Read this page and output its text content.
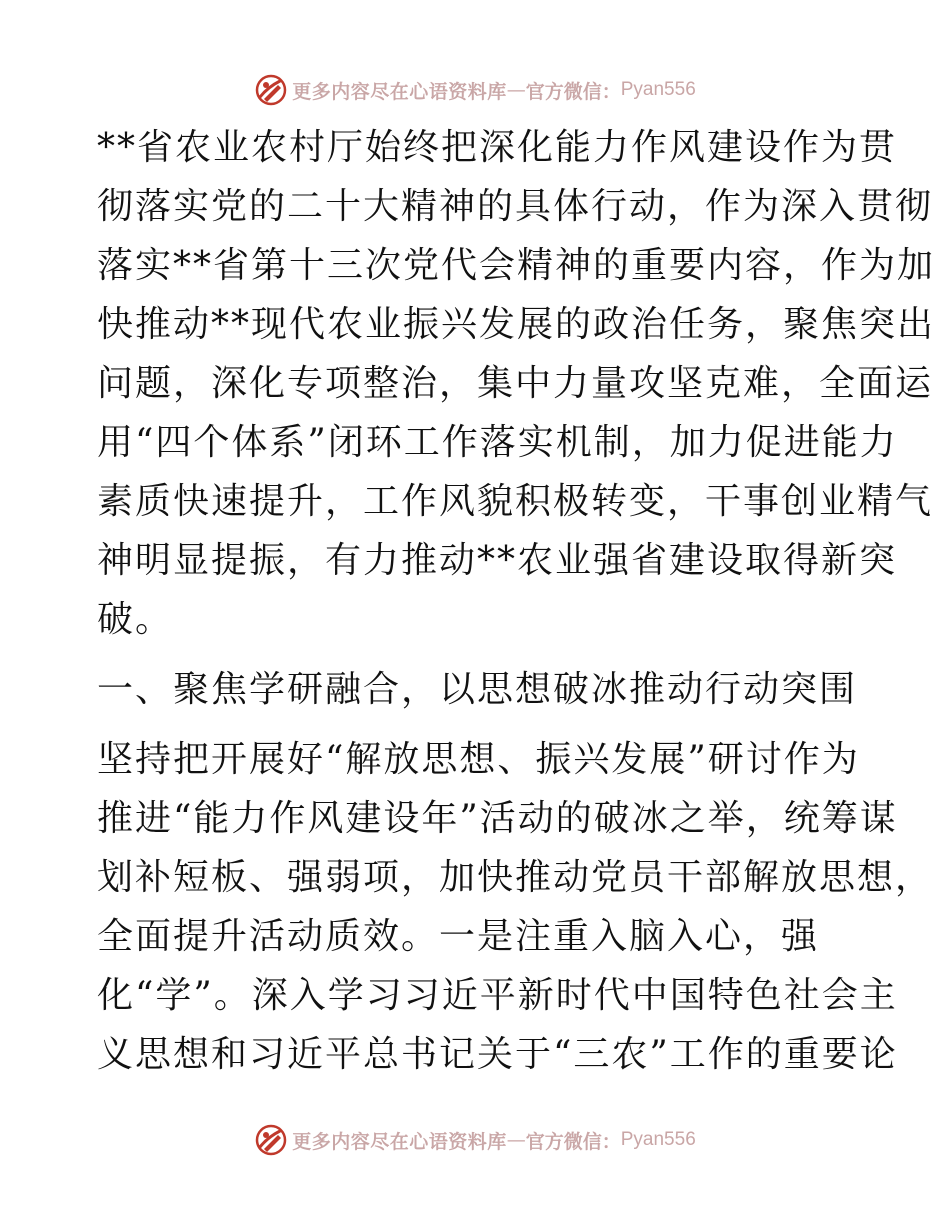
更多内容尽在心语资料库 — 官方微信： Pyan556
**省农业农村厅始终把深化能力作风建设作为贯
彻落实党的二十大精神的具体行动，作为深入贯彻
落实**省第十三次党代会精神的重要内容，作为加
快推动**现代农业振兴发展的政治任务，聚焦突出
问题，深化专项整治，集中力量攻坚克难，全面运
用“四个体系”闭环工作落实机制，加力促进能力
素质快速提升，工作风貌积极转变，干事创业精气
神明显提振，有力推动**农业强省建设取得新突
破。
一、聚焦学研融合，以思想破冰推动行动突围
坚持把开展好“解放思想、振兴发展”研讨作为
推进“能力作风建设年”活动的破冰之举，统筹谋
划补短板、强弱项，加快推动党员干部解放思想，
全面提升活动质效。一是注重入脑入心，强
化“学”。深入学习习近平新时代中国特色社会主
义思想和习近平总书记关于“三农”工作的重要论
更多内容尽在心语资料库 — 官方微信： Pyan556
